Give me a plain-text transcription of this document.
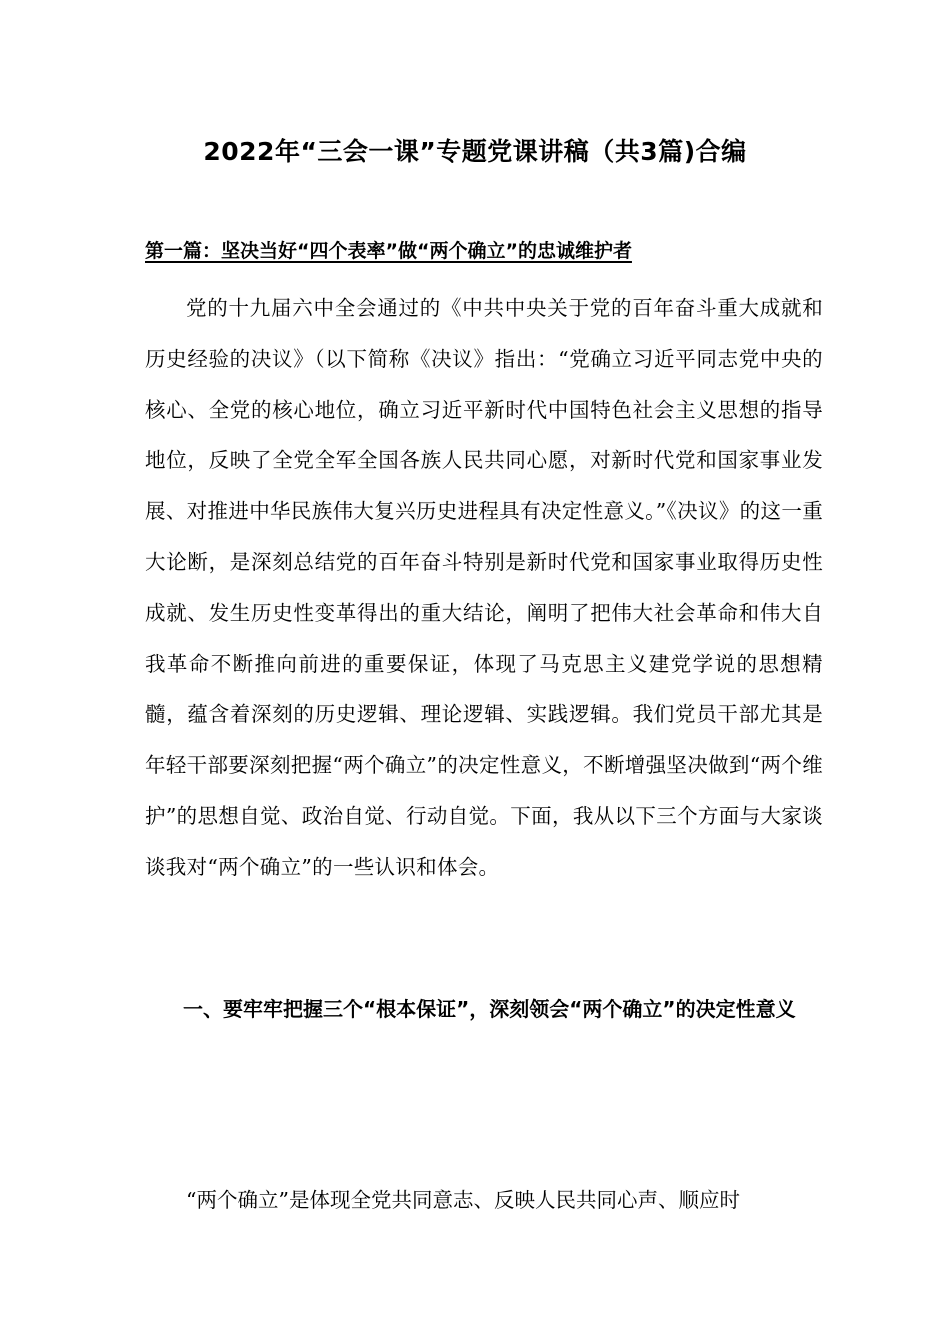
2022年“三会一课”专题党课讲稿（共3篇)合编
第一篇：坚决当好“四个表率”做“两个确立”的忠诚维护者
党的十九届六中全会通过的《中共中央关于党的百年奋斗重大成就和历史经验的决议》（以下简称《决议》指出：“党确立习近平同志党中央的核心、全党的核心地位，确立习近平新时代中国特色社会主义思想的指导地位，反映了全党全军全国各族人民共同心愿，对新时代党和国家事业发展、对推进中华民族伟大复兴历史进程具有决定性意义。”《决议》的这一重大论断，是深刻总结党的百年奋斗特别是新时代党和国家事业取得历史性成就、发生历史性变革得出的重大结论，阐明了把伟大社会革命和伟大自我革命不断推向前进的重要保证，体现了马克思主义建党学说的思想精髓，蕴含着深刻的历史逻辑、理论逻辑、实践逻辑。我们党员干部尤其是年轻干部要深刻把握“两个确立”的决定性意义，不断增强坚决做到“两个维护”的思想自觉、政治自觉、行动自觉。下面，我从以下三个方面与大家谈谈我对“两个确立”的一些认识和体会。
一、要牢牢把握三个“根本保证”，深刻领会“两个确立”的决定性意义
“两个确立”是体现全党共同意志、反映人民共同心声、顺应时
